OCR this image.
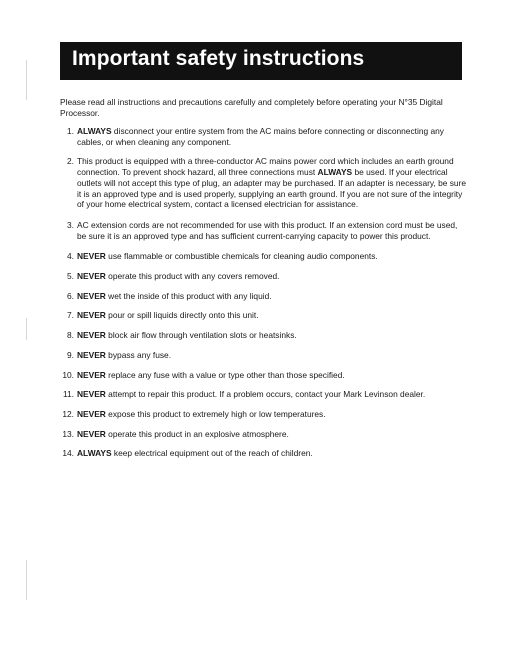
Important safety instructions
Please read all instructions and precautions carefully and completely before operating your N°35 Digital Processor.
1. ALWAYS disconnect your entire system from the AC mains before connecting or disconnecting any cables, or when cleaning any component.
2. This product is equipped with a three-conductor AC mains power cord which includes an earth ground connection. To prevent shock hazard, all three connections must ALWAYS be used. If your electrical outlets will not accept this type of plug, an adapter may be purchased. If an adapter is necessary, be sure it is an approved type and is used properly, supplying an earth ground. If you are not sure of the integrity of your home electrical system, contact a licensed electrician for assistance.
3. AC extension cords are not recommended for use with this product. If an extension cord must be used, be sure it is an approved type and has sufficient current-carrying capacity to power this product.
4. NEVER use flammable or combustible chemicals for cleaning audio components.
5. NEVER operate this product with any covers removed.
6. NEVER wet the inside of this product with any liquid.
7. NEVER pour or spill liquids directly onto this unit.
8. NEVER block air flow through ventilation slots or heatsinks.
9. NEVER bypass any fuse.
10. NEVER replace any fuse with a value or type other than those specified.
11. NEVER attempt to repair this product. If a problem occurs, contact your Mark Levinson dealer.
12. NEVER expose this product to extremely high or low temperatures.
13. NEVER operate this product in an explosive atmosphere.
14. ALWAYS keep electrical equipment out of the reach of children.
